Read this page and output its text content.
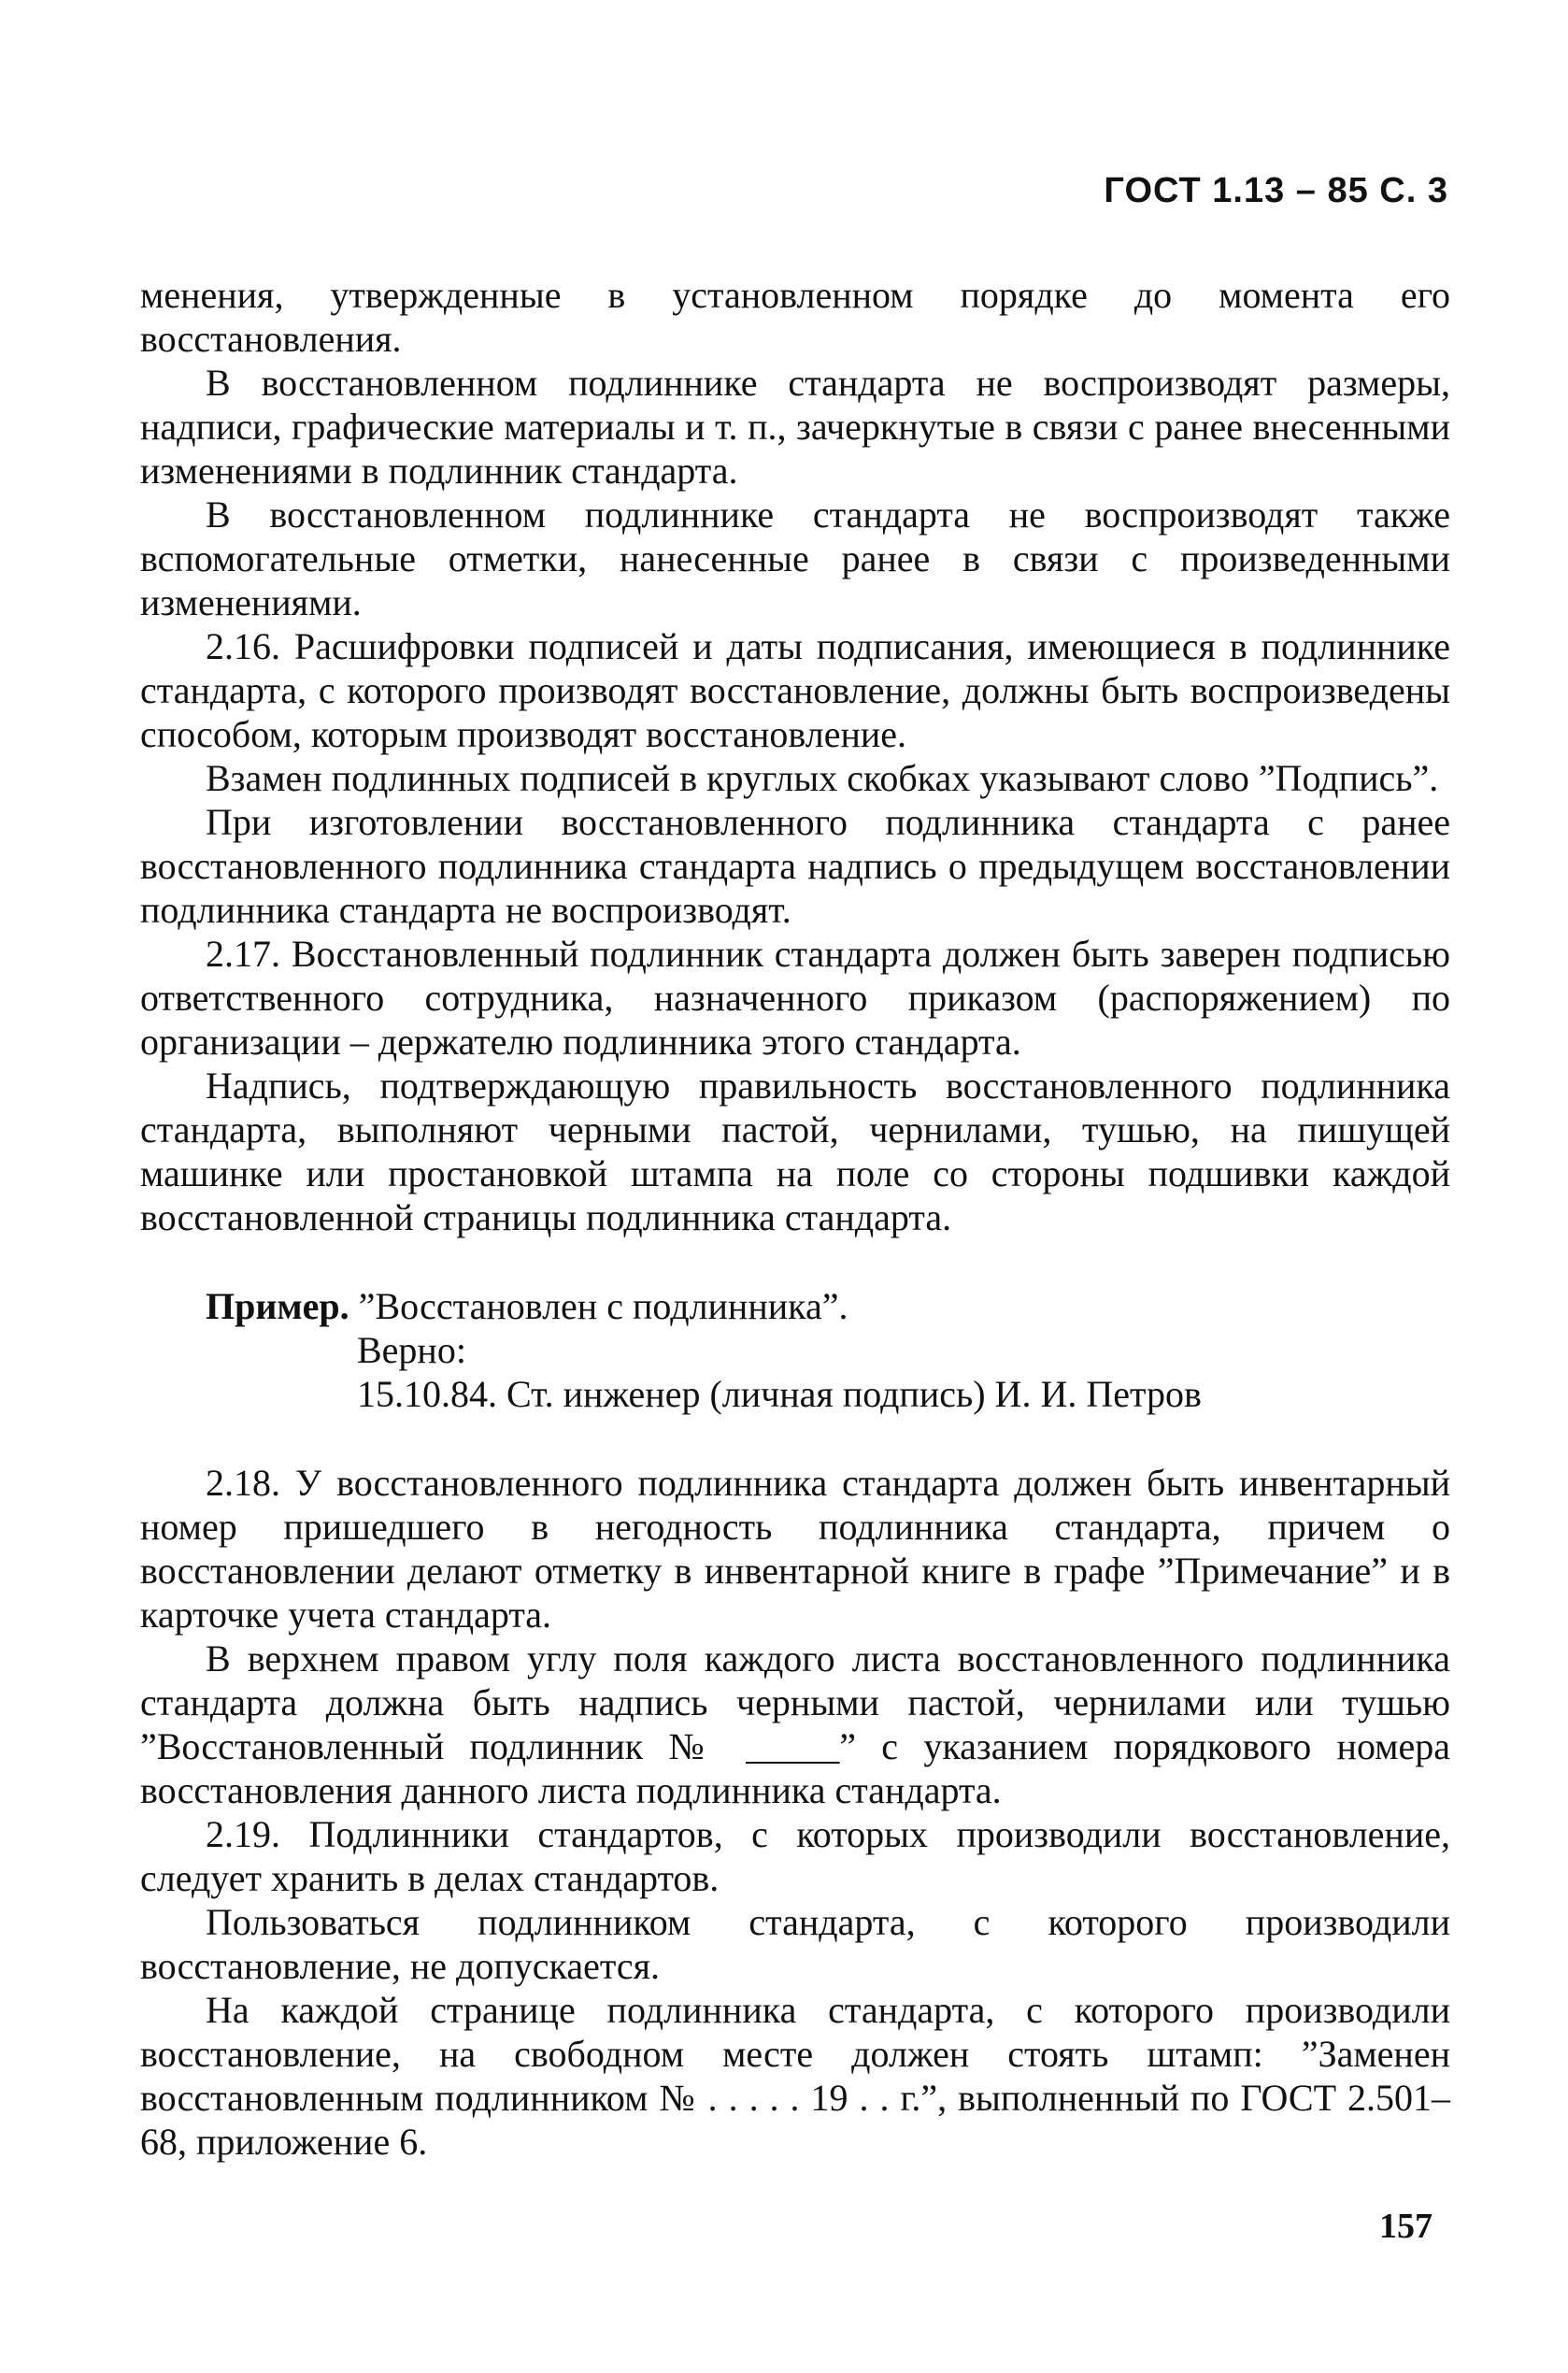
ГОСТ 1.13 – 85 С. 3

менения, утвержденные в установленном порядке до момента его восстановления.

В восстановленном подлиннике стандарта не воспроизводят размеры, надписи, графические материалы и т. п., зачеркнутые в связи с ранее внесенными изменениями в подлинник стандарта.

В восстановленном подлиннике стандарта не воспроизводят также вспомогательные отметки, нанесенные ранее в связи с произведенными изменениями.

2.16. Расшифровки подписей и даты подписания, имеющиеся в подлиннике стандарта, с которого производят восстановление, должны быть воспроизведены способом, которым производят восстановление.

Взамен подлинных подписей в круглых скобках указывают слово ”Подпись”.

При изготовлении восстановленного подлинника стандарта с ранее восстановленного подлинника стандарта надпись о предыдущем восстановлении подлинника стандарта не воспроизводят.

2.17. Восстановленный подлинник стандарта должен быть заверен подписью ответственного сотрудника, назначенного приказом (распоряжением) по организации – держателю подлинника этого стандарта.

Надпись, подтверждающую правильность восстановленного подлинника стандарта, выполняют черными пастой, чернилами, тушью, на пишущей машинке или простановкой штампа на поле со стороны подшивки каждой восстановленной страницы подлинника стандарта.

Пример. ”Восстановлен с подлинника”.
Верно:
15.10.84. Ст. инженер (личная подпись) И. И. Петров

2.18. У восстановленного подлинника стандарта должен быть инвентарный номер пришедшего в негодность подлинника стандарта, причем о восстановлении делают отметку в инвентарной книге в графе ”Примечание” и в карточке учета стандарта.

В верхнем правом углу поля каждого листа восстановленного подлинника стандарта должна быть надпись черными пастой, чернилами или тушью ”Восстановленный подлинник № _____” с указанием порядкового номера восстановления данного листа подлинника стандарта.

2.19. Подлинники стандартов, с которых производили восстановление, следует хранить в делах стандартов.

Пользоваться подлинником стандарта, с которого производили восстановление, не допускается.

На каждой странице подлинника стандарта, с которого производили восстановление, на свободном месте должен стоять штамп: ”Заменен восстановленным подлинником № . . . . . 19 . . г.”, выполненный по ГОСТ 2.501–68, приложение 6.

157
